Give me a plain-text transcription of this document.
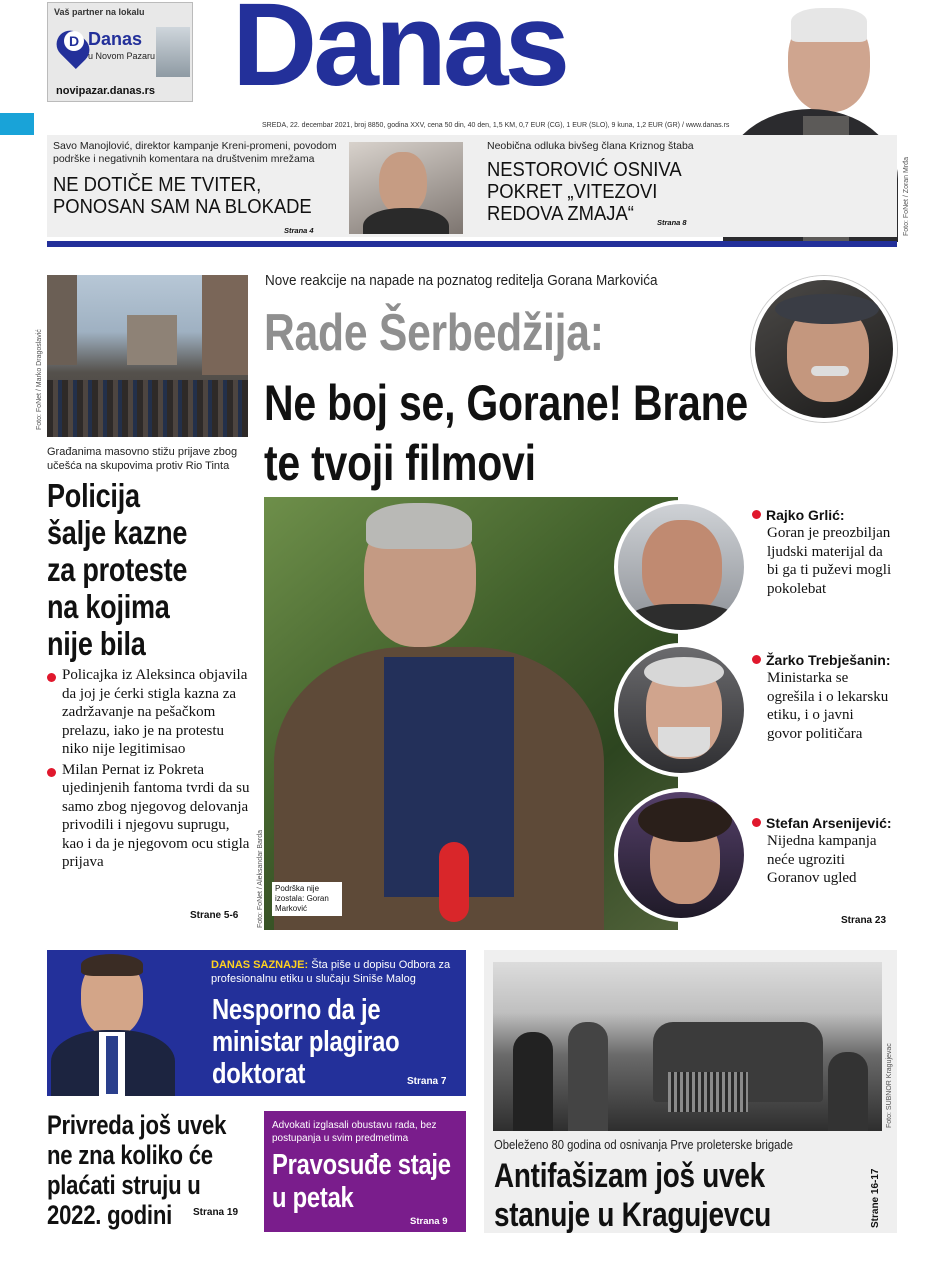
Vaš partner na lokalu
D Danas
u Novom Pazaru
novipazar.danas.rs Danas
SREDA, 22. decembar 2021, broj 8850, godina XXV, cena 50 din, 40 den, 1,5 KM, 0,7 EUR (CG), 1 EUR (SLO), 9 kuna, 1,2 EUR (GR) / www.danas.rs
Foto: FoNet / Zoran Mrđa
Savo Manojlović, direktor kampanje Kreni-promeni, povodom podrške i negativnih komentara na društvenim mrežama
NE DOTIČE ME TVITER, PONOSAN SAM NA BLOKADE
Strana 4
Neobična odluka bivšeg člana Kriznog štaba
NESTOROVIĆ OSNIVA POKRET „VITEZOVI REDOVA ZMAJA“	Strana 8
Foto: FoNet / Marko Dragoslavić
Građanima masovno stižu prijave zbog učešća na skupovima protiv Rio Tinta
Policija šalje kazne za proteste na kojima nije bila
Policajka iz Aleksinca objavila da joj je ćerki stigla kazna za zadržavanje na pešačkom prelazu, iako je na protestu niko nije legitimisao
Milan Pernat iz Pokreta ujedinjenih fantoma tvrdi da su samo zbog njegovog delovanja privodili i njegovu suprugu, kao i da je njegovom ocu stigla prijava
Strane 5-6
Nove reakcije na napade na poznatog reditelja Gorana Markovića
Rade Šerbedžija:
Ne boj se, Gorane! Brane te tvoji filmovi
Podrška nije izostala: Goran Marković
Foto: FoNet / Aleksandar Barda
Rajko Grlić:
Goran je preozbiljan ljudski materijal da bi ga ti puževi mogli pokolebat
Žarko Trebješanin:
Ministarka se ogrešila i o lekarsku etiku, i o javni govor političara
Stefan Arsenijević:
Nijedna kampanja neće ugroziti Goranov ugled
Strana 23
DANAS SAZNAJE: Šta piše u dopisu Odbora za profesionalnu etiku u slučaju Siniše Malog
Nesporno da je ministar plagirao doktorat	Strana 7
Privreda još uvek ne zna koliko će plaćati struju u 2022. godini	Strana 19
Advokati izglasali obustavu rada, bez postupanja u svim predmetima
Pravosuđe staje u petak
Strana 9
Foto: SUBNOR Kragujevac
Obeleženo 80 godina od osnivanja Prve proleterske brigade
Antifašizam još uvek stanuje u Kragujevcu	Strane 16-17
